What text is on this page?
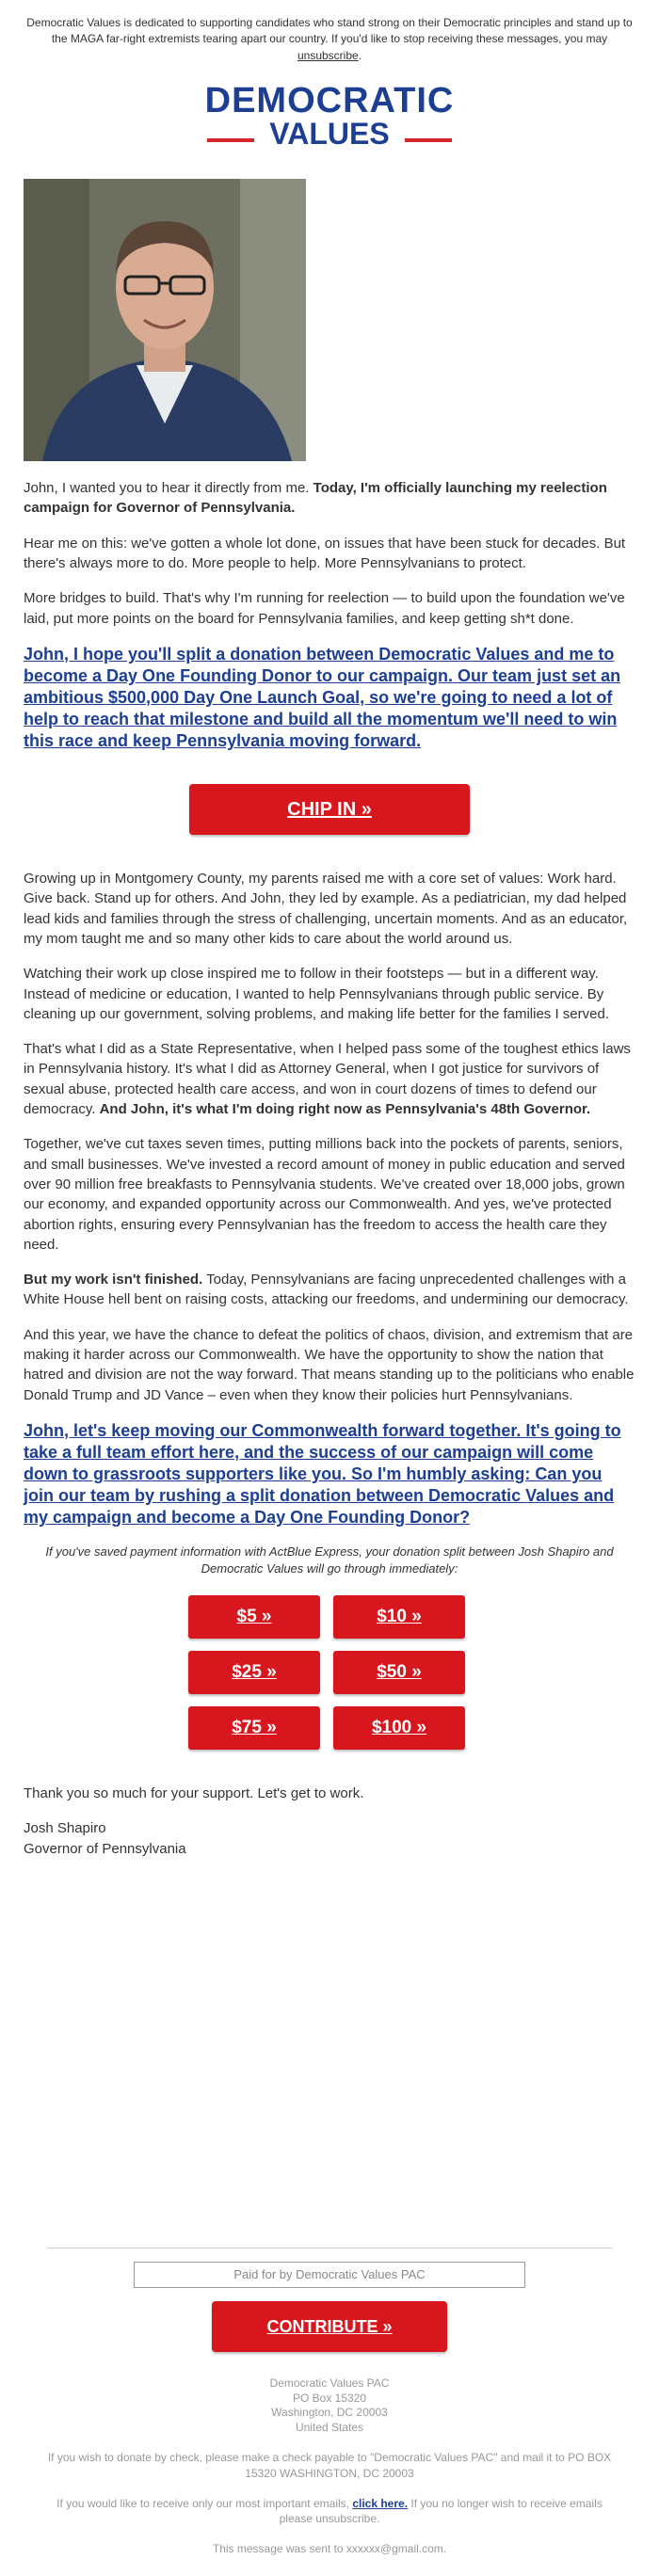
Democratic Values is dedicated to supporting candidates who stand strong on their Democratic principles and stand up to the MAGA far-right extremists tearing apart our country. If you'd like to stop receiving these messages, you may unsubscribe.
DEMOCRATIC
VALUES

John, I wanted you to hear it directly from me. Today, I'm officially launching my reelection campaign for Governor of Pennsylvania.

Hear me on this: we've gotten a whole lot done, on issues that have been stuck for decades. But there's always more to do. More people to help. More Pennsylvanians to protect.

More bridges to build. That's why I'm running for reelection — to build upon the foundation we've laid, put more points on the board for Pennsylvania families, and keep getting sh*t done.

John, I hope you'll split a donation between Democratic Values and me to become a Day One Founding Donor to our campaign. Our team just set an ambitious $500,000 Day One Launch Goal, so we're going to need a lot of help to reach that milestone and build all the momentum we'll need to win this race and keep Pennsylvania moving forward.
CHIP IN »

Growing up in Montgomery County, my parents raised me with a core set of values: Work hard. Give back. Stand up for others. And John, they led by example. As a pediatrician, my dad helped lead kids and families through the stress of challenging, uncertain moments. And as an educator, my mom taught me and so many other kids to care about the world around us.

Watching their work up close inspired me to follow in their footsteps — but in a different way. Instead of medicine or education, I wanted to help Pennsylvanians through public service. By cleaning up our government, solving problems, and making life better for the families I served.

That's what I did as a State Representative, when I helped pass some of the toughest ethics laws in Pennsylvania history. It's what I did as Attorney General, when I got justice for survivors of sexual abuse, protected health care access, and won in court dozens of times to defend our democracy. And John, it's what I'm doing right now as Pennsylvania's 48th Governor.

Together, we've cut taxes seven times, putting millions back into the pockets of parents, seniors, and small businesses. We've invested a record amount of money in public education and served over 90 million free breakfasts to Pennsylvania students. We've created over 18,000 jobs, grown our economy, and expanded opportunity across our Commonwealth. And yes, we've protected abortion rights, ensuring every Pennsylvanian has the freedom to access the health care they need.

But my work isn't finished. Today, Pennsylvanians are facing unprecedented challenges with a White House hell bent on raising costs, attacking our freedoms, and undermining our democracy.

And this year, we have the chance to defeat the politics of chaos, division, and extremism that are making it harder across our Commonwealth. We have the opportunity to show the nation that hatred and division are not the way forward. That means standing up to the politicians who enable Donald Trump and JD Vance – even when they know their policies hurt Pennsylvanians.

John, let's keep moving our Commonwealth forward together. It's going to take a full team effort here, and the success of our campaign will come down to grassroots supporters like you. So I'm humbly asking: Can you join our team by rushing a split donation between Democratic Values and my campaign and become a Day One Founding Donor?
If you've saved payment information with ActBlue Express, your donation split between Josh Shapiro and Democratic Values will go through immediately:
$5 »	$10 »
$25 »	$50 »
$75 »	$100 »

Thank you so much for your support. Let's get to work.

Josh Shapiro

Governor of Pennsylvania

Paid for by Democratic Values PAC
CONTRIBUTE »
Democratic Values PAC
PO Box 15320
Washington, DC 20003
United States
If you wish to donate by check, please make a check payable to "Democratic Values PAC" and mail it to PO BOX 15320 WASHINGTON, DC 20003
If you would like to receive only our most important emails, click here. If you no longer wish to receive emails please unsubscribe.
This message was sent to xxxxxx@gmail.com.
